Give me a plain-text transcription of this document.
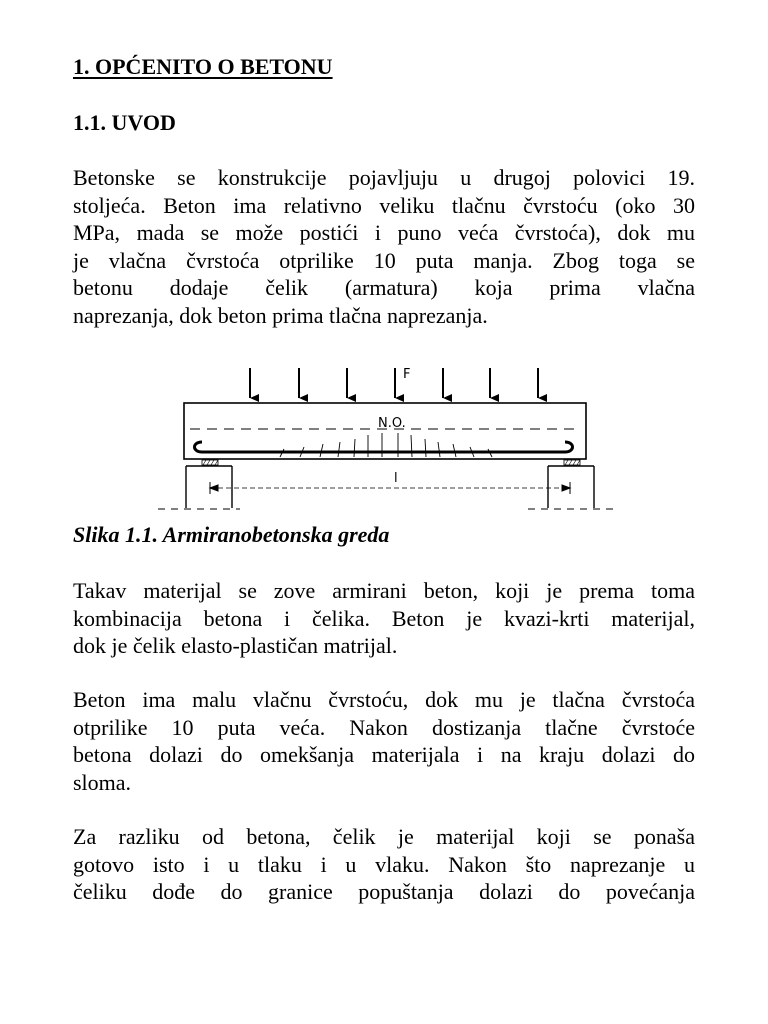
1. OPĆENITO O BETONU
1.1. UVOD
Betonske se konstrukcije pojavljuju u drugoj polovici 19.
stoljeća. Beton ima relativno veliku tlačnu čvrstoću (oko 30
MPa, mada se može postići i puno veća čvrstoća), dok mu
je vlačna čvrstoća otprilike 10 puta manja. Zbog toga se
betonu dodaje čelik (armatura) koja prima vlačna
naprezanja, dok beton prima tlačna naprezanja.
F
N.O.
l
Slika 1.1. Armiranobetonska greda
Takav materijal se zove armirani beton, koji je prema toma
kombinacija betona i čelika. Beton je kvazi-krti materijal,
dok je čelik elasto-plastičan matrijal.
Beton ima malu vlačnu čvrstoću, dok mu je tlačna čvrstoća
otprilike 10 puta veća. Nakon dostizanja tlačne čvrstoće
betona dolazi do omekšanja materijala i na kraju dolazi do
sloma.
Za razliku od betona, čelik je materijal koji se ponaša
gotovo isto i u tlaku i u vlaku. Nakon što naprezanje u
čeliku dođe do granice popuštanja dolazi do povećanja
